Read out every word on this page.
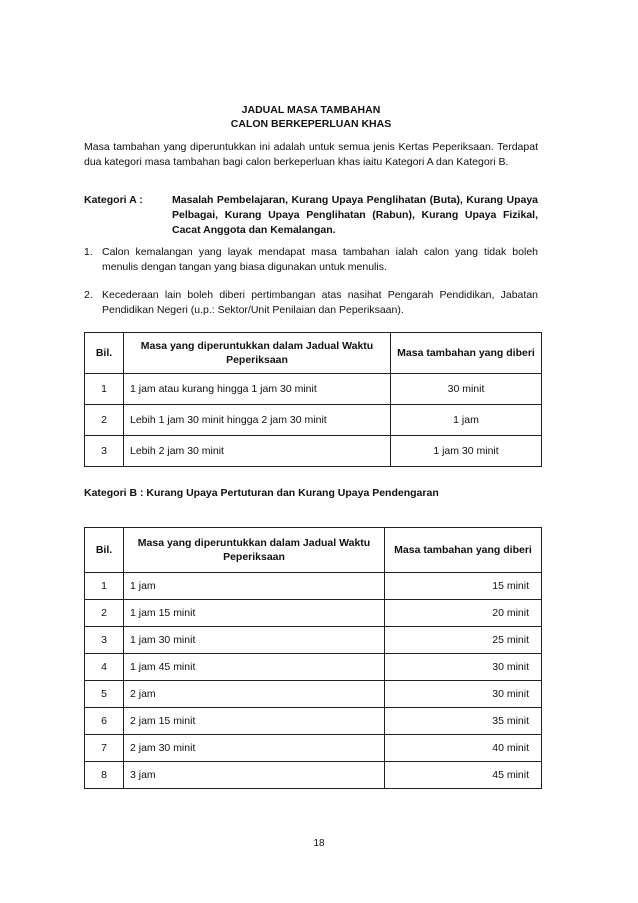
JADUAL MASA TAMBAHAN
CALON BERKEPERLUAN KHAS
Masa tambahan yang diperuntukkan ini adalah untuk semua jenis Kertas Peperiksaan. Terdapat dua kategori masa tambahan bagi calon berkeperluan khas iaitu Kategori A dan Kategori B.
Kategori A :	Masalah Pembelajaran, Kurang Upaya Penglihatan (Buta), Kurang Upaya Pelbagai, Kurang Upaya Penglihatan (Rabun), Kurang Upaya Fizikal, Cacat Anggota dan Kemalangan.
1. Calon kemalangan yang layak mendapat masa tambahan ialah calon yang tidak boleh menulis dengan tangan yang biasa digunakan untuk menulis.
2. Kecederaan lain boleh diberi pertimbangan atas nasihat Pengarah Pendidikan, Jabatan Pendidikan Negeri (u.p.: Sektor/Unit Penilaian dan Peperiksaan).
Bil.	Masa yang diperuntukkan dalam Jadual Waktu Peperiksaan	Masa tambahan yang diberi
1	1 jam atau kurang hingga 1 jam 30 minit	30 minit
2	Lebih 1 jam 30 minit hingga 2 jam 30 minit	1 jam
3	Lebih 2 jam 30 minit	1 jam 30 minit
Kategori B : Kurang Upaya Pertuturan dan Kurang Upaya Pendengaran
Bil.	Masa yang diperuntukkan dalam Jadual Waktu Peperiksaan	Masa tambahan yang diberi
1	1 jam	15 minit
2	1 jam 15 minit	20 minit
3	1 jam 30 minit	25 minit
4	1 jam 45 minit	30 minit
5	2 jam	30 minit
6	2 jam 15 minit	35 minit
7	2 jam 30 minit	40 minit
8	3 jam	45 minit
18
